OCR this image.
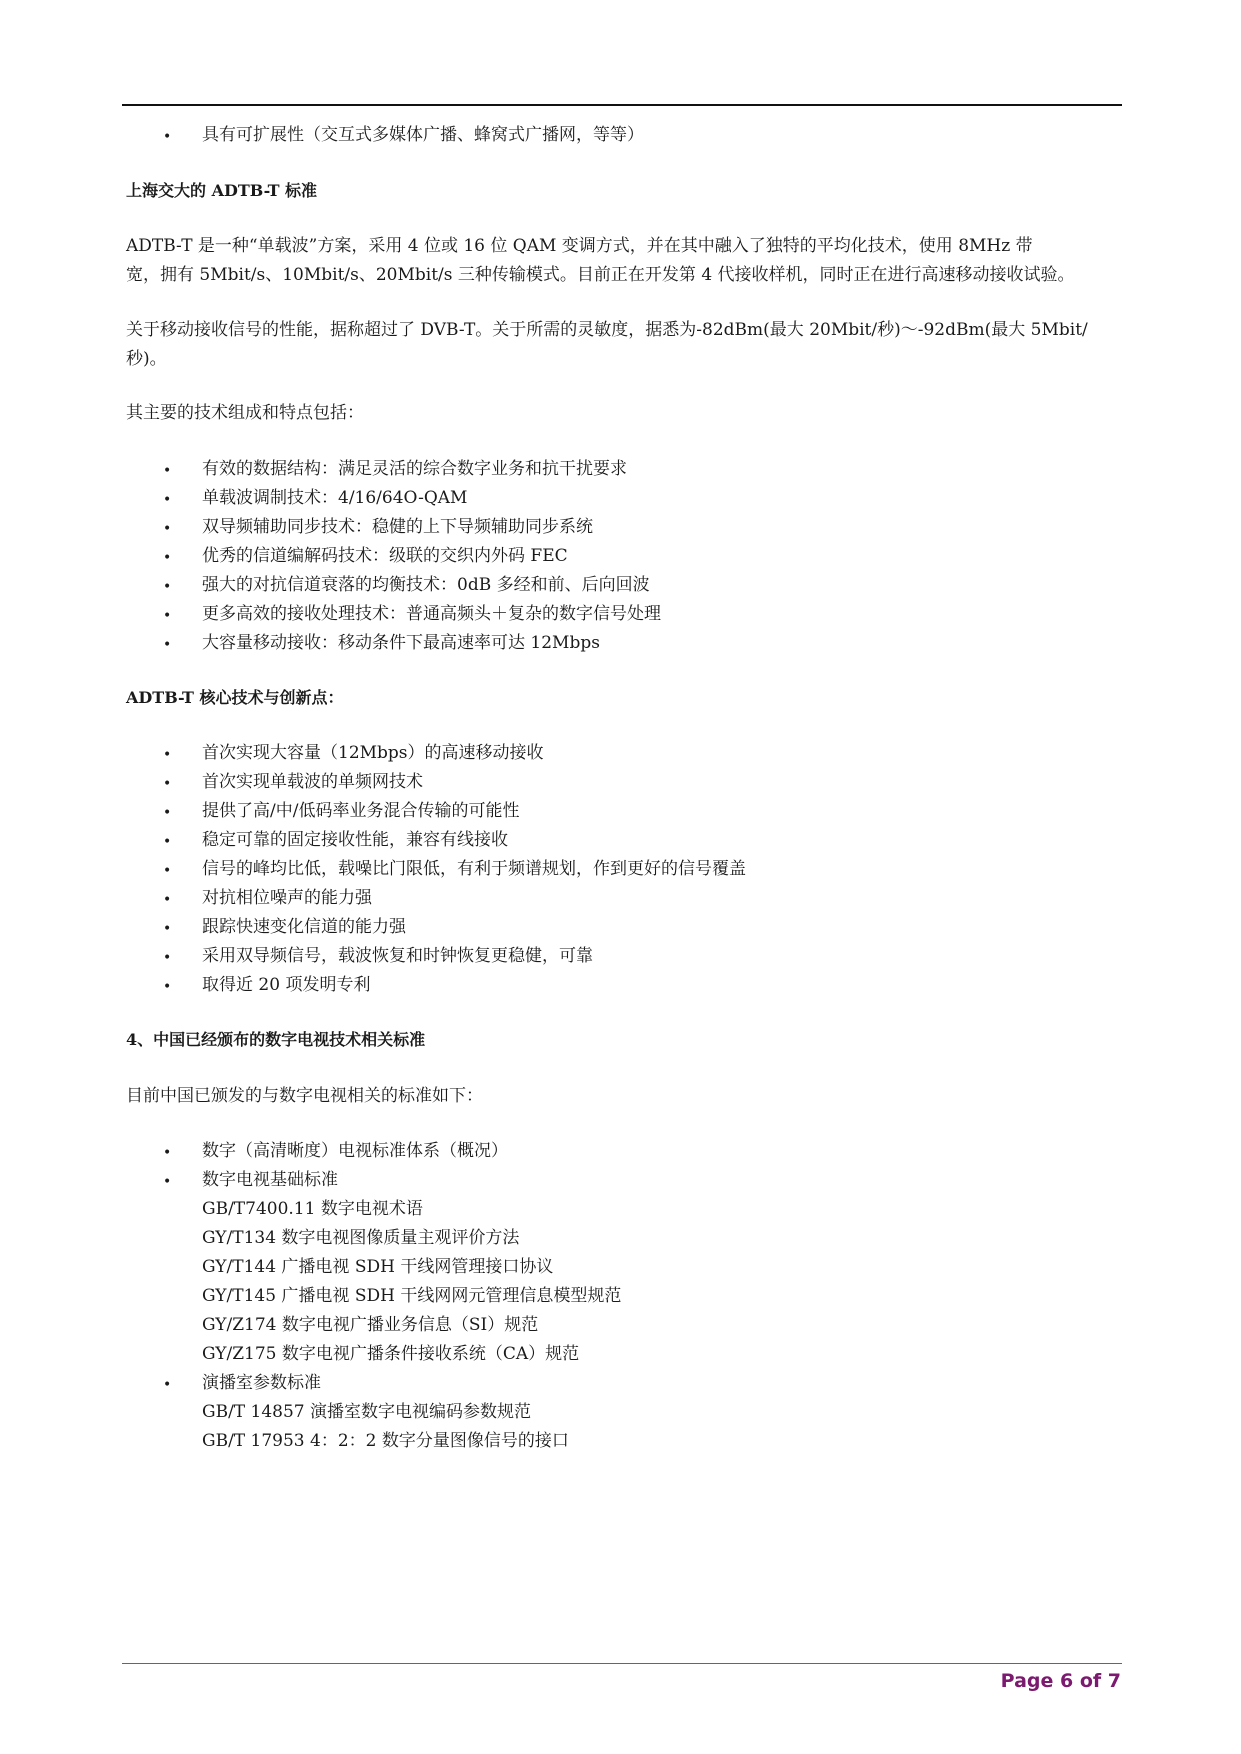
• 具有可扩展性（交互式多媒体广播、蜂窝式广播网，等等）
上海交大的 ADTB-T 标准
ADTB-T 是一种“单载波”方案，采用 4 位或 16 位 QAM 变调方式，并在其中融入了独特的平均化技术，使用 8MHz 带
宽，拥有 5Mbit/s、10Mbit/s、20Mbit/s 三种传输模式。目前正在开发第 4 代接收样机，同时正在进行高速移动接收试验。
关于移动接收信号的性能，据称超过了 DVB-T。关于所需的灵敏度，据悉为-82dBm(最大 20Mbit/秒)～-92dBm(最大 5Mbit/
秒)。
其主要的技术组成和特点包括：
• 有效的数据结构：满足灵活的综合数字业务和抗干扰要求
• 单载波调制技术：4/16/64O-QAM
• 双导频辅助同步技术：稳健的上下导频辅助同步系统
• 优秀的信道编解码技术：级联的交织内外码 FEC
• 强大的对抗信道衰落的均衡技术：0dB 多经和前、后向回波
• 更多高效的接收处理技术：普通高频头＋复杂的数字信号处理
• 大容量移动接收：移动条件下最高速率可达 12Mbps
ADTB-T 核心技术与创新点：
• 首次实现大容量（12Mbps）的高速移动接收
• 首次实现单载波的单频网技术
• 提供了高/中/低码率业务混合传输的可能性
• 稳定可靠的固定接收性能，兼容有线接收
• 信号的峰均比低，载噪比门限低，有利于频谱规划，作到更好的信号覆盖
• 对抗相位噪声的能力强
• 跟踪快速变化信道的能力强
• 采用双导频信号，载波恢复和时钟恢复更稳健，可靠
• 取得近 20 项发明专利
4、中国已经颁布的数字电视技术相关标准
目前中国已颁发的与数字电视相关的标准如下：
• 数字（高清晰度）电视标准体系（概况）
• 数字电视基础标准
GB/T7400.11 数字电视术语
GY/T134 数字电视图像质量主观评价方法
GY/T144 广播电视 SDH 干线网管理接口协议
GY/T145 广播电视 SDH 干线网网元管理信息模型规范
GY/Z174 数字电视广播业务信息（SI）规范
GY/Z175 数字电视广播条件接收系统（CA）规范
• 演播室参数标准
GB/T 14857 演播室数字电视编码参数规范
GB/T 17953 4：2：2 数字分量图像信号的接口
Page 6 of 7
